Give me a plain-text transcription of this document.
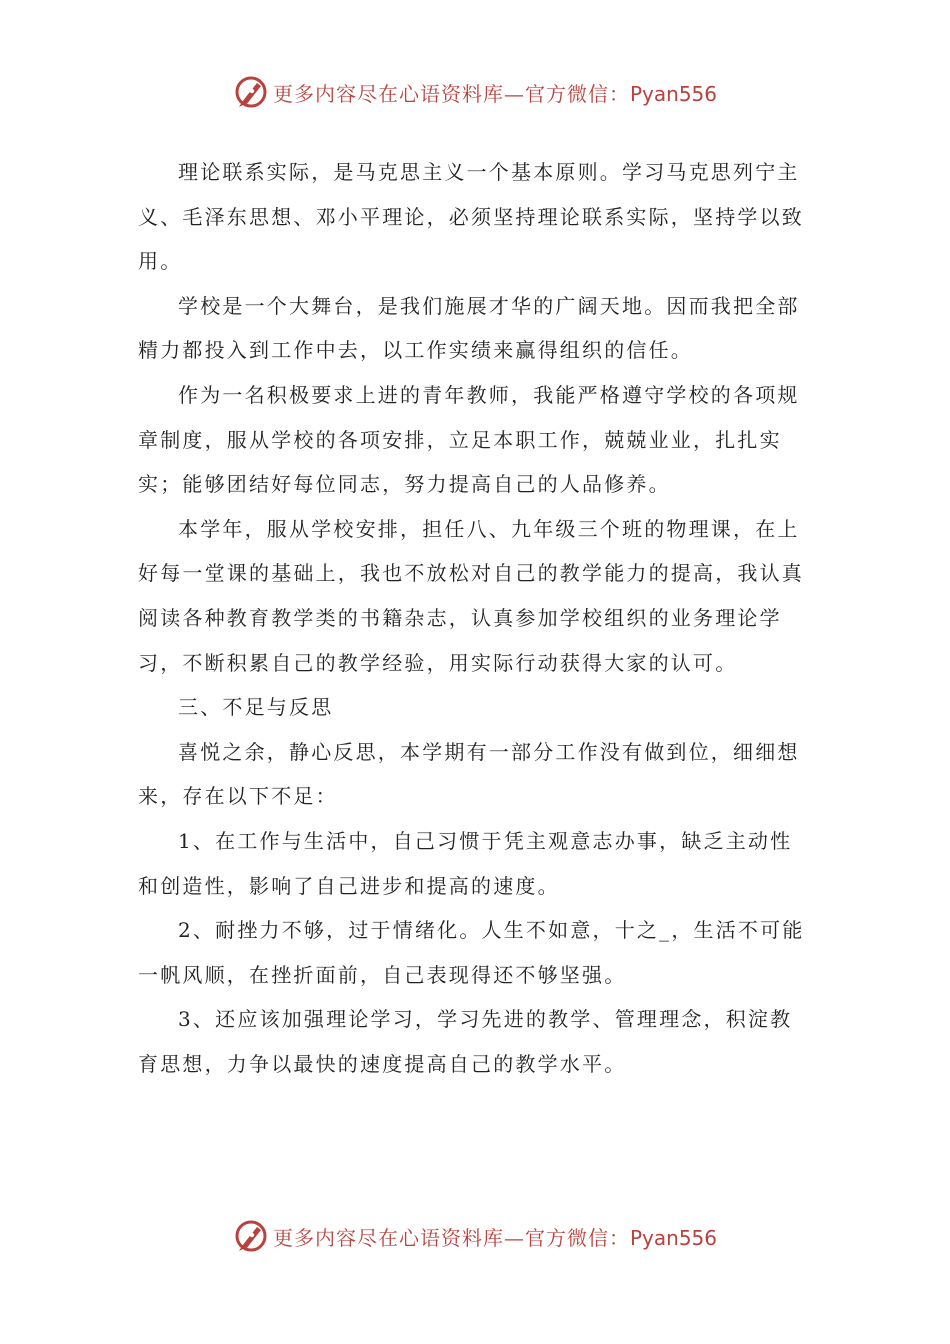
更多内容尽在心语资料库—官方微信：Pyan556

理论联系实际，是马克思主义一个基本原则。学习马克思列宁主义、毛泽东思想、邓小平理论，必须坚持理论联系实际，坚持学以致用。

学校是一个大舞台，是我们施展才华的广阔天地。因而我把全部精力都投入到工作中去，以工作实绩来赢得组织的信任。

作为一名积极要求上进的青年教师，我能严格遵守学校的各项规章制度，服从学校的各项安排，立足本职工作，兢兢业业，扎扎实实；能够团结好每位同志，努力提高自己的人品修养。

本学年，服从学校安排，担任八、九年级三个班的物理课，在上好每一堂课的基础上，我也不放松对自己的教学能力的提高，我认真阅读各种教育教学类的书籍杂志，认真参加学校组织的业务理论学习，不断积累自己的教学经验，用实际行动获得大家的认可。

三、不足与反思

喜悦之余，静心反思，本学期有一部分工作没有做到位，细细想来，存在以下不足：

1、在工作与生活中，自己习惯于凭主观意志办事，缺乏主动性和创造性，影响了自己进步和提高的速度。

2、耐挫力不够，过于情绪化。人生不如意，十之_，生活不可能一帆风顺，在挫折面前，自己表现得还不够坚强。

3、还应该加强理论学习，学习先进的教学、管理理念，积淀教育思想，力争以最快的速度提高自己的教学水平。

更多内容尽在心语资料库—官方微信：Pyan556
